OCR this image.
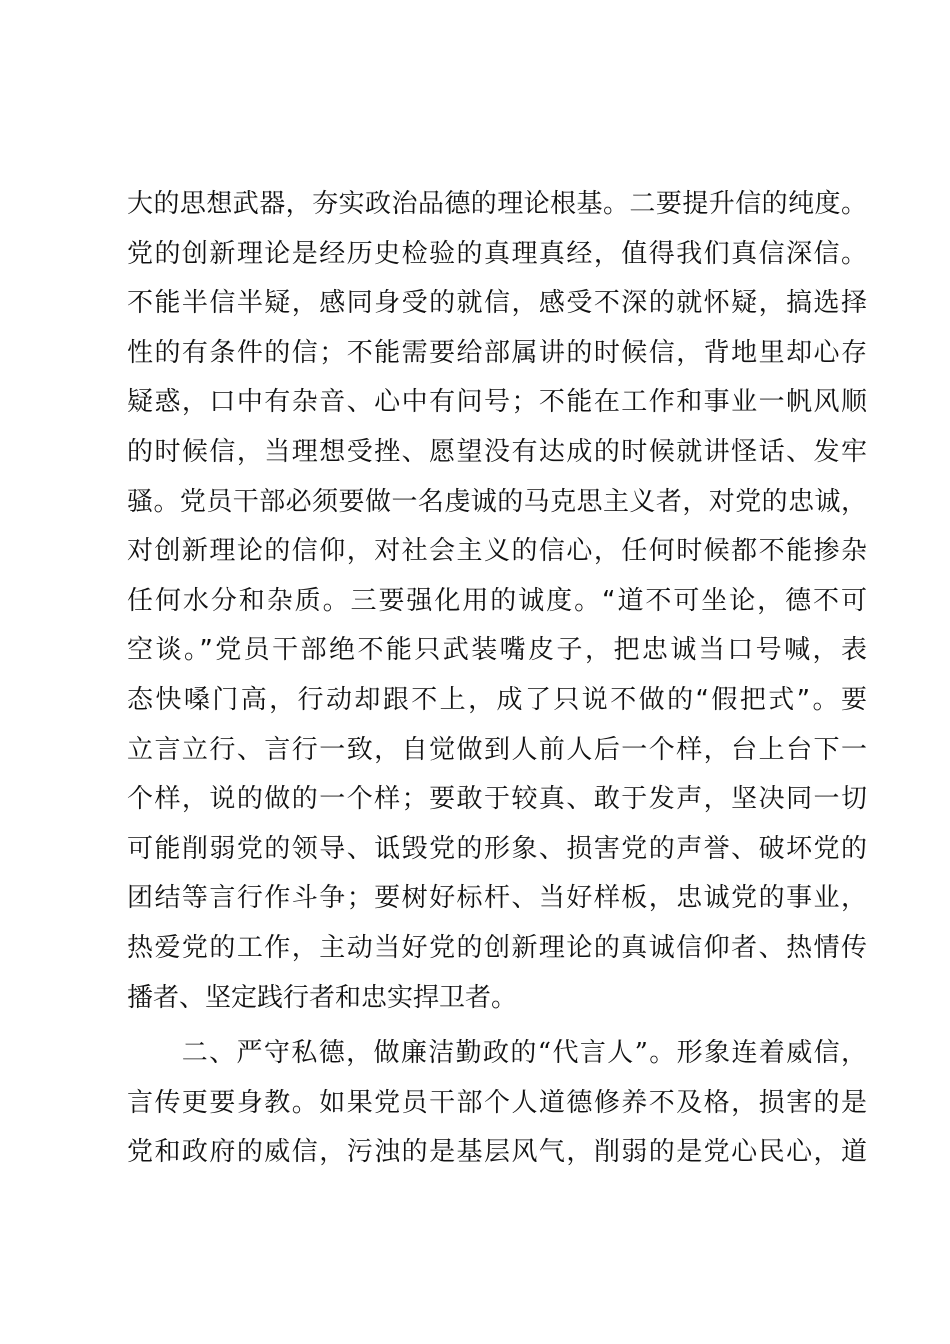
大的思想武器，夯实政治品德的理论根基。二要提升信的纯度。
党的创新理论是经历史检验的真理真经，值得我们真信深信。
不能半信半疑，感同身受的就信，感受不深的就怀疑，搞选择
性的有条件的信；不能需要给部属讲的时候信，背地里却心存
疑惑，口中有杂音、心中有问号；不能在工作和事业一帆风顺
的时候信，当理想受挫、愿望没有达成的时候就讲怪话、发牢
骚。党员干部必须要做一名虔诚的马克思主义者，对党的忠诚，
对创新理论的信仰，对社会主义的信心，任何时候都不能掺杂
任何水分和杂质。三要强化用的诚度。“道不可坐论，德不可
空谈。”党员干部绝不能只武装嘴皮子，把忠诚当口号喊，表
态快嗓门高，行动却跟不上，成了只说不做的“假把式”。要
立言立行、言行一致，自觉做到人前人后一个样，台上台下一
个样，说的做的一个样；要敢于较真、敢于发声，坚决同一切
可能削弱党的领导、诋毁党的形象、损害党的声誉、破坏党的
团结等言行作斗争；要树好标杆、当好样板，忠诚党的事业，
热爱党的工作，主动当好党的创新理论的真诚信仰者、热情传
播者、坚定践行者和忠实捍卫者。
　　二、严守私德，做廉洁勤政的“代言人”。形象连着威信，
言传更要身教。如果党员干部个人道德修养不及格，损害的是
党和政府的威信，污浊的是基层风气，削弱的是党心民心，道
